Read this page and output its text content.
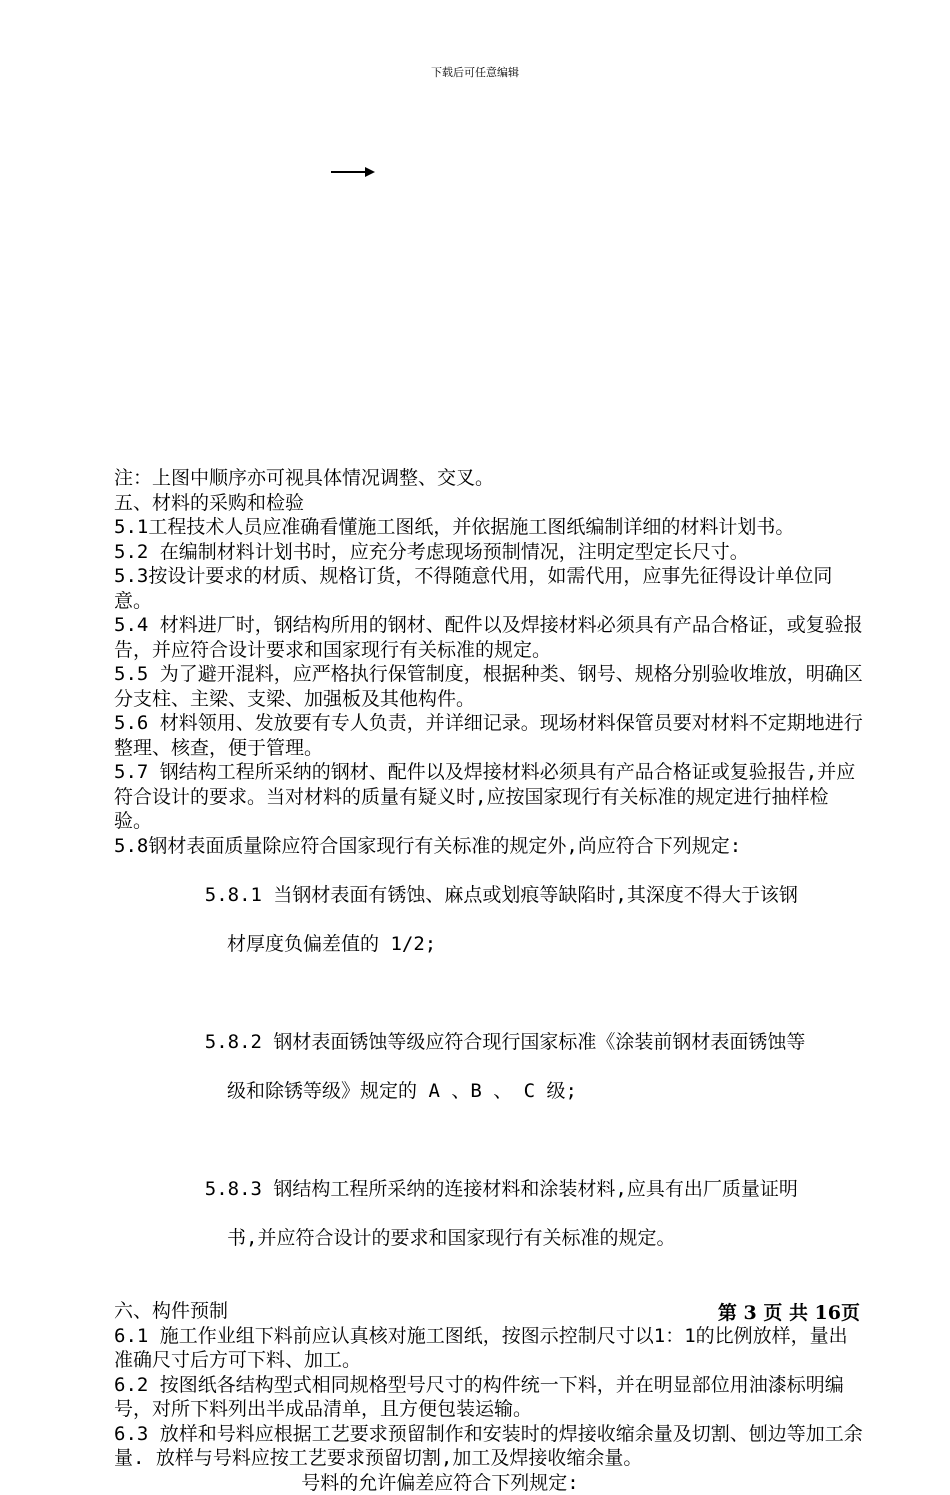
下载后可任意编辑

注：上图中顺序亦可视具体情况调整、交叉。

五、材料的采购和检验

5.1工程技术人员应准确看懂施工图纸，并依据施工图纸编制详细的材料计划书。

5.2 在编制材料计划书时，应充分考虑现场预制情况，注明定型定长尺寸。

5.3按设计要求的材质、规格订货，不得随意代用，如需代用，应事先征得设计单位同意。

5.4 材料进厂时，钢结构所用的钢材、配件以及焊接材料必须具有产品合格证，或复验报告，并应符合设计要求和国家现行有关标准的规定。

5.5 为了避开混料，应严格执行保管制度，根据种类、钢号、规格分别验收堆放，明确区分支柱、主梁、支梁、加强板及其他构件。

5.6 材料领用、发放要有专人负责，并详细记录。现场材料保管员要对材料不定期地进行整理、核查，便于管理。

5.7 钢结构工程所采纳的钢材、配件以及焊接材料必须具有产品合格证或复验报告,并应符合设计的要求。当对材料的质量有疑义时,应按国家现行有关标准的规定进行抽样检验。

5.8钢材表面质量除应符合国家现行有关标准的规定外,尚应符合下列规定:

5.8.1 当钢材表面有锈蚀、麻点或划痕等缺陷时,其深度不得大于该钢

材厚度负偏差值的 1/2;

5.8.2 钢材表面锈蚀等级应符合现行国家标准《涂装前钢材表面锈蚀等

级和除锈等级》规定的 A 、B 、 C 级;

5.8.3 钢结构工程所采纳的连接材料和涂装材料,应具有出厂质量证明

书,并应符合设计的要求和国家现行有关标准的规定。

六、构件预制

6.1 施工作业组下料前应认真核对施工图纸，按图示控制尺寸以1：1的比例放样，量出准确尺寸后方可下料、加工。

6.2 按图纸各结构型式相同规格型号尺寸的构件统一下料，并在明显部位用油漆标明编号，对所下料列出半成品清单，且方便包装运输。

6.3 放样和号料应根据工艺要求预留制作和安装时的焊接收缩余量及切割、刨边等加工余量. 放样与号料应按工艺要求预留切割,加工及焊接收缩余量。

号料的允许偏差应符合下列规定:

第 3 页 共 16页
